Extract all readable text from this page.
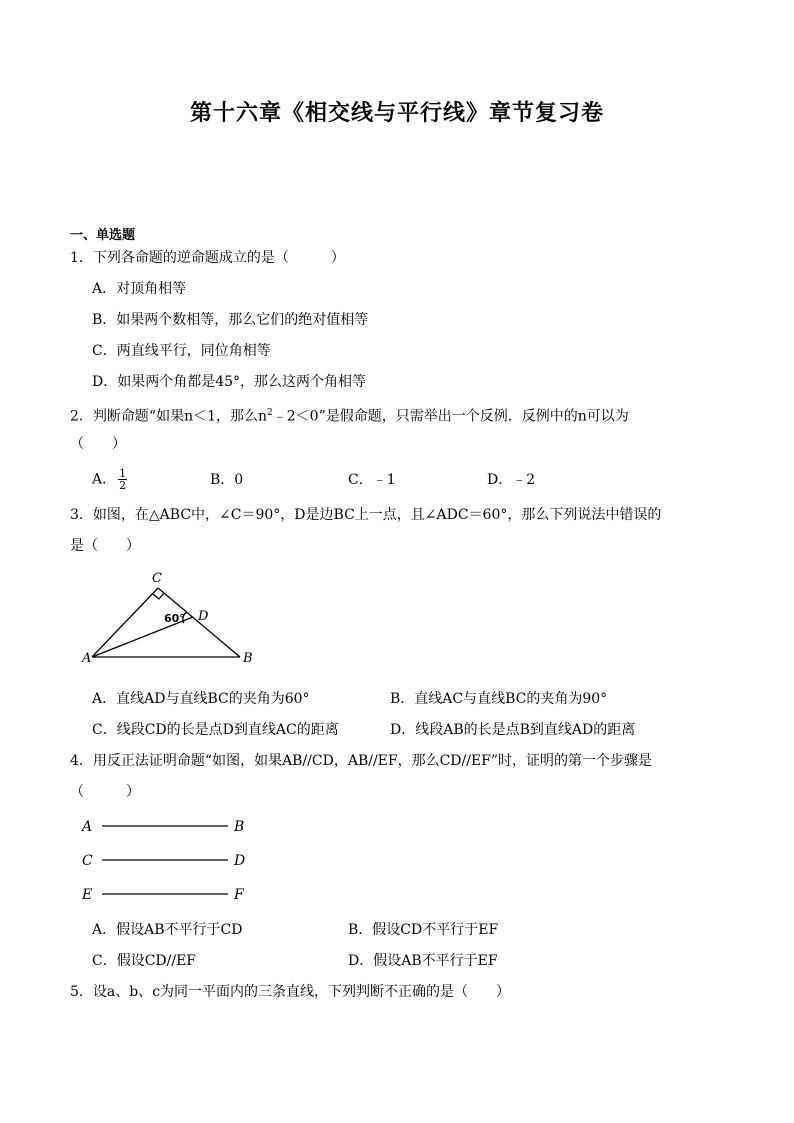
第十六章《相交线与平行线》章节复习卷
一、单选题
1．下列各命题的逆命题成立的是（　　　）
A．对顶角相等
B．如果两个数相等，那么它们的绝对值相等
C．两直线平行，同位角相等
D．如果两个角都是45°，那么这两个角相等
2．判断命题“如果n＜1，那么$n^2﹣2<0$”是假命题，只需举出一个反例．反例中的n可以为
（　　）
A． $\frac{1}{2}$	B．0	C．﹣1	D．﹣2
3．如图，在△ABC中，∠C＝90°，D是边BC上一点，且∠ADC＝60°，那么下列说法中错误的
是（　　）
C
D
A	B
60°
A．直线AD与直线BC的夹角为60°	B．直线AC与直线BC的夹角为90°
C．线段CD的长是点D到直线AC的距离	D．线段AB的长是点B到直线AD的距离
4．用反正法证明命题“如图，如果AB//CD，AB//EF，那么CD//EF”时，证明的第一个步骤是
（　　　）
A	B
C	D
E	F
A．假设AB不平行于CD	B．假设CD不平行于EF
C．假设CD//EF	D．假设AB不平行于EF
5．设a、b、c为同一平面内的三条直线，下列判断不正确的是（　　）
